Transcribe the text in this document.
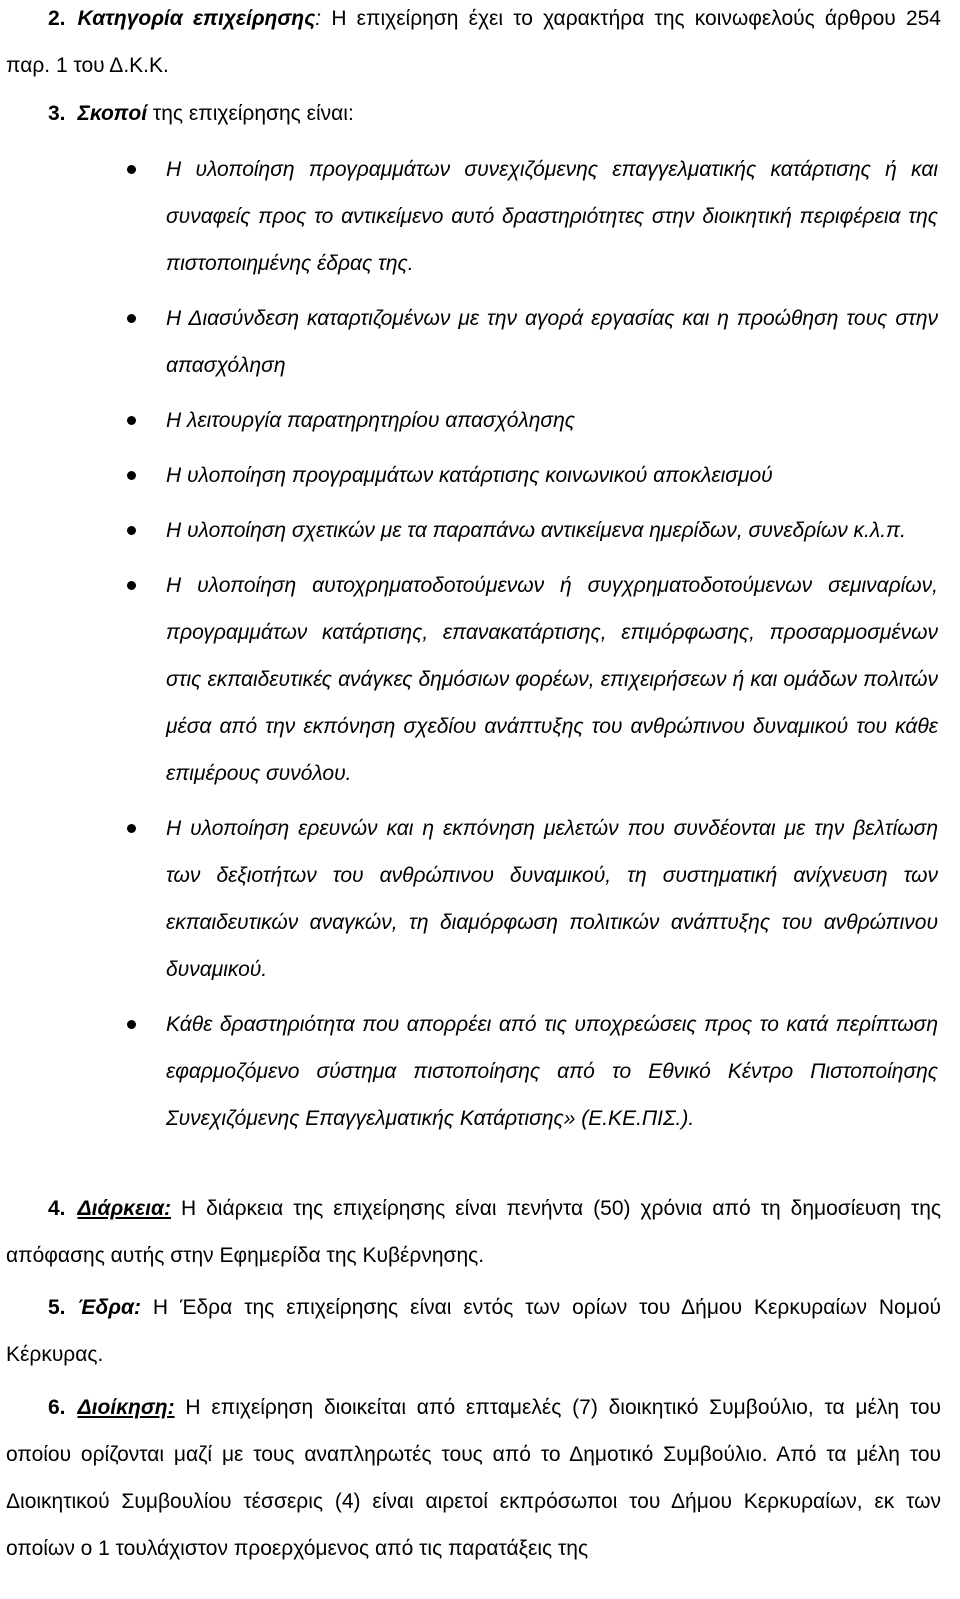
2. Κατηγορία επιχείρησης: Η επιχείρηση έχει το χαρακτήρα της κοινωφελούς άρθρου 254 παρ. 1 του Δ.Κ.Κ.

3. Σκοποί της επιχείρησης είναι:

Η υλοποίηση προγραμμάτων συνεχιζόμενης επαγγελματικής κατάρτισης ή και συναφείς προς το αντικείμενο αυτό δραστηριότητες στην διοικητική περιφέρεια της πιστοποιημένης έδρας της.
Η Διασύνδεση καταρτιζομένων με την αγορά εργασίας και η προώθηση τους στην απασχόληση
Η λειτουργία παρατηρητηρίου απασχόλησης
Η υλοποίηση προγραμμάτων κατάρτισης κοινωνικού αποκλεισμού
Η υλοποίηση σχετικών με τα παραπάνω αντικείμενα ημερίδων, συνεδρίων κ.λ.π.
Η υλοποίηση αυτοχρηματοδοτούμενων ή συγχρηματοδοτούμενων σεμιναρίων, προγραμμάτων κατάρτισης, επανακατάρτισης, επιμόρφωσης, προσαρμοσμένων στις εκπαιδευτικές ανάγκες δημόσιων φορέων, επιχειρήσεων ή και ομάδων πολιτών μέσα από την εκπόνηση σχεδίου ανάπτυξης του ανθρώπινου δυναμικού του κάθε επιμέρους συνόλου.
Η υλοποίηση ερευνών και η εκπόνηση μελετών που συνδέονται με την βελτίωση των δεξιοτήτων του ανθρώπινου δυναμικού, τη συστηματική ανίχνευση των εκπαιδευτικών αναγκών, τη διαμόρφωση πολιτικών ανάπτυξης του ανθρώπινου δυναμικού.
Κάθε δραστηριότητα που απορρέει από τις υποχρεώσεις προς το κατά περίπτωση εφαρμοζόμενο σύστημα πιστοποίησης από το Εθνικό Κέντρο Πιστοποίησης Συνεχιζόμενης Επαγγελματικής Κατάρτισης» (Ε.ΚΕ.ΠΙΣ.).

4. Διάρκεια: Η διάρκεια της επιχείρησης είναι πενήντα (50) χρόνια από τη δημοσίευση της απόφασης αυτής στην Εφημερίδα της Κυβέρνησης.

5. Έδρα: Η Έδρα της επιχείρησης είναι εντός των ορίων του Δήμου Κερκυραίων Νομού Κέρκυρας.

6. Διοίκηση: Η επιχείρηση διοικείται από επταμελές (7) διοικητικό Συμβούλιο, τα μέλη του οποίου ορίζονται μαζί με τους αναπληρωτές τους από το Δημοτικό Συμβούλιο. Από τα μέλη του Διοικητικού Συμβουλίου τέσσερις (4) είναι αιρετοί εκπρόσωποι του Δήμου Κερκυραίων, εκ των οποίων ο 1 τουλάχιστον προερχόμενος από τις παρατάξεις της
